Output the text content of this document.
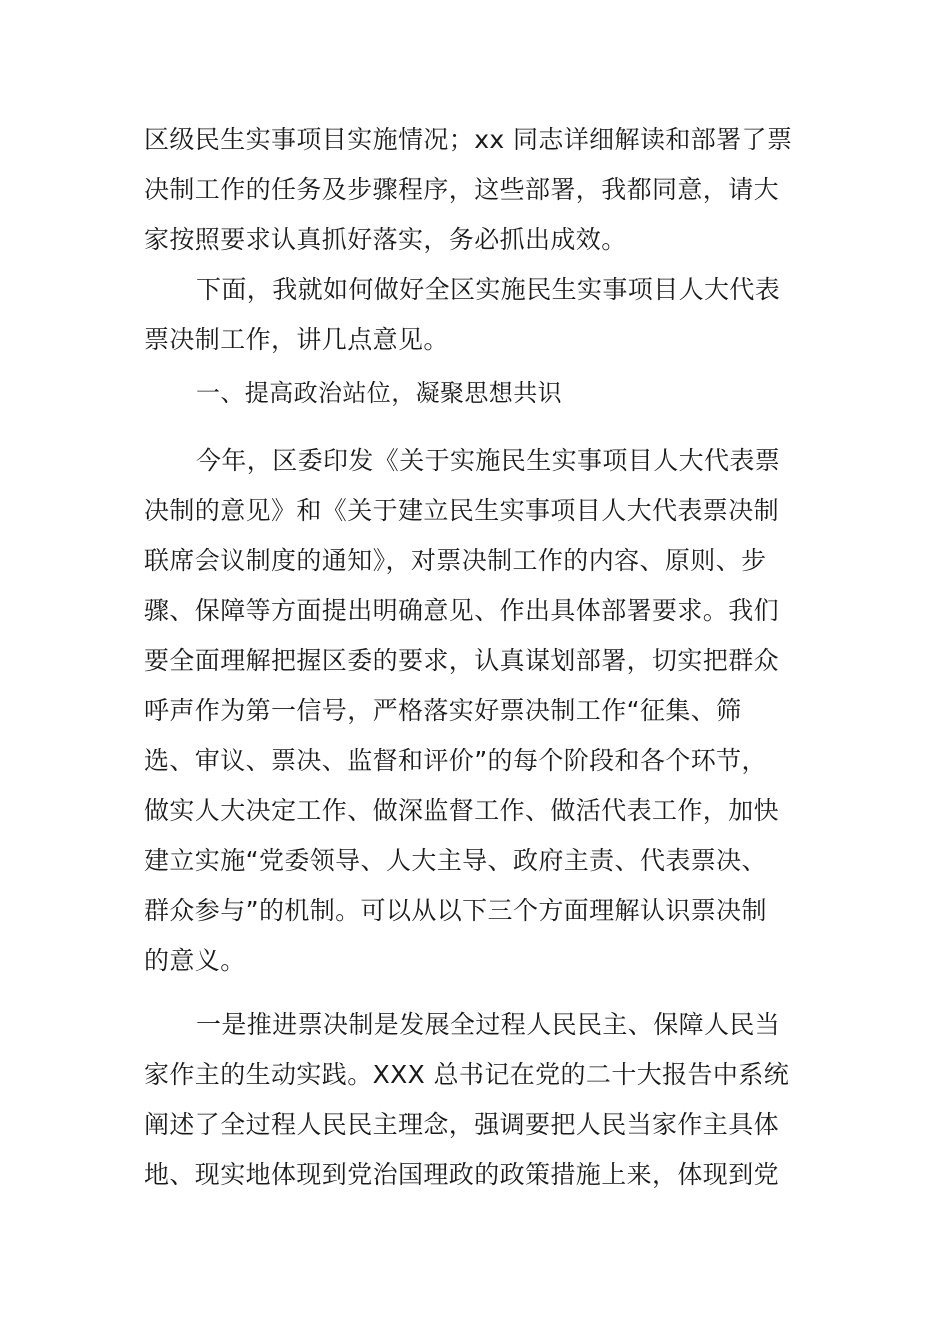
区级民生实事项目实施情况；xx 同志详细解读和部署了票
决制工作的任务及步骤程序，这些部署，我都同意，请大
家按照要求认真抓好落实，务必抓出成效。

下面，我就如何做好全区实施民生实事项目人大代表
票决制工作，讲几点意见。

一、提高政治站位，凝聚思想共识

今年，区委印发《关于实施民生实事项目人大代表票
决制的意见》和《关于建立民生实事项目人大代表票决制
联席会议制度的通知》，对票决制工作的内容、原则、步
骤、保障等方面提出明确意见、作出具体部署要求。我们
要全面理解把握区委的要求，认真谋划部署，切实把群众
呼声作为第一信号，严格落实好票决制工作“征集、筛
选、审议、票决、监督和评价”的每个阶段和各个环节，
做实人大决定工作、做深监督工作、做活代表工作，加快
建立实施“党委领导、人大主导、政府主责、代表票决、
群众参与”的机制。可以从以下三个方面理解认识票决制
的意义。

一是推进票决制是发展全过程人民民主、保障人民当
家作主的生动实践。XXX 总书记在党的二十大报告中系统
阐述了全过程人民民主理念，强调要把人民当家作主具体
地、现实地体现到党治国理政的政策措施上来，体现到党
